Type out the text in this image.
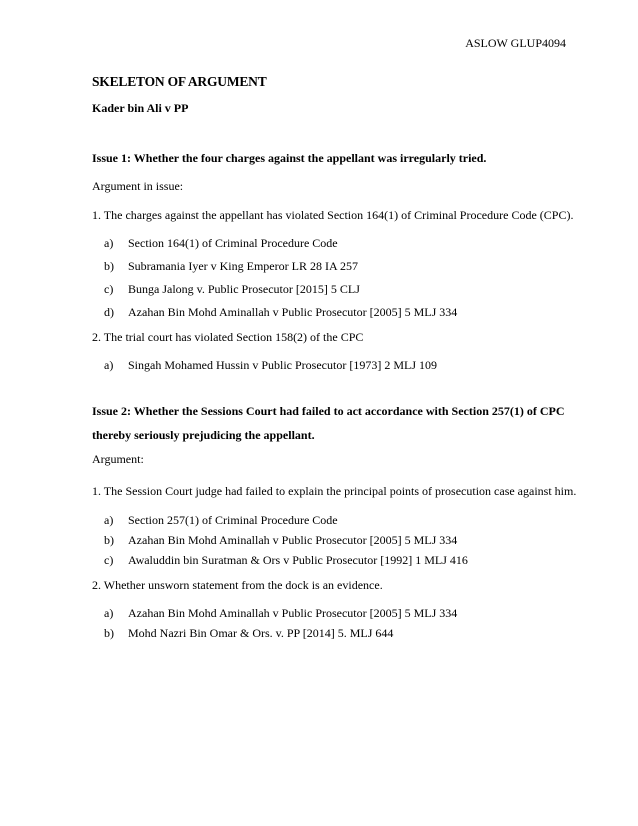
ASLOW GLUP4094
SKELETON OF ARGUMENT
Kader bin Ali v PP
Issue 1: Whether the four charges against the appellant was irregularly tried.
Argument in issue:
1. The charges against the appellant has violated Section 164(1) of Criminal Procedure Code (CPC).
a)	Section 164(1) of Criminal Procedure Code
b)	Subramania Iyer v King Emperor LR 28 IA 257
c)	Bunga Jalong v. Public Prosecutor [2015] 5 CLJ
d)	Azahan Bin Mohd Aminallah v Public Prosecutor [2005] 5 MLJ 334
2. The trial court has violated Section 158(2) of the CPC
a)	Singah Mohamed Hussin v Public Prosecutor [1973] 2 MLJ 109
Issue 2: Whether the Sessions Court had failed to act accordance with Section 257(1) of CPC thereby seriously prejudicing the appellant.
Argument:
1. The Session Court judge had failed to explain the principal points of prosecution case against him.
a)	Section 257(1) of Criminal Procedure Code
b)	Azahan Bin Mohd Aminallah v Public Prosecutor [2005] 5 MLJ 334
c)	Awaluddin bin Suratman & Ors v Public Prosecutor [1992] 1 MLJ 416
2. Whether unsworn statement from the dock is an evidence.
a)	Azahan Bin Mohd Aminallah v Public Prosecutor [2005] 5 MLJ 334
b)	Mohd Nazri Bin Omar & Ors. v. PP [2014] 5. MLJ 644
